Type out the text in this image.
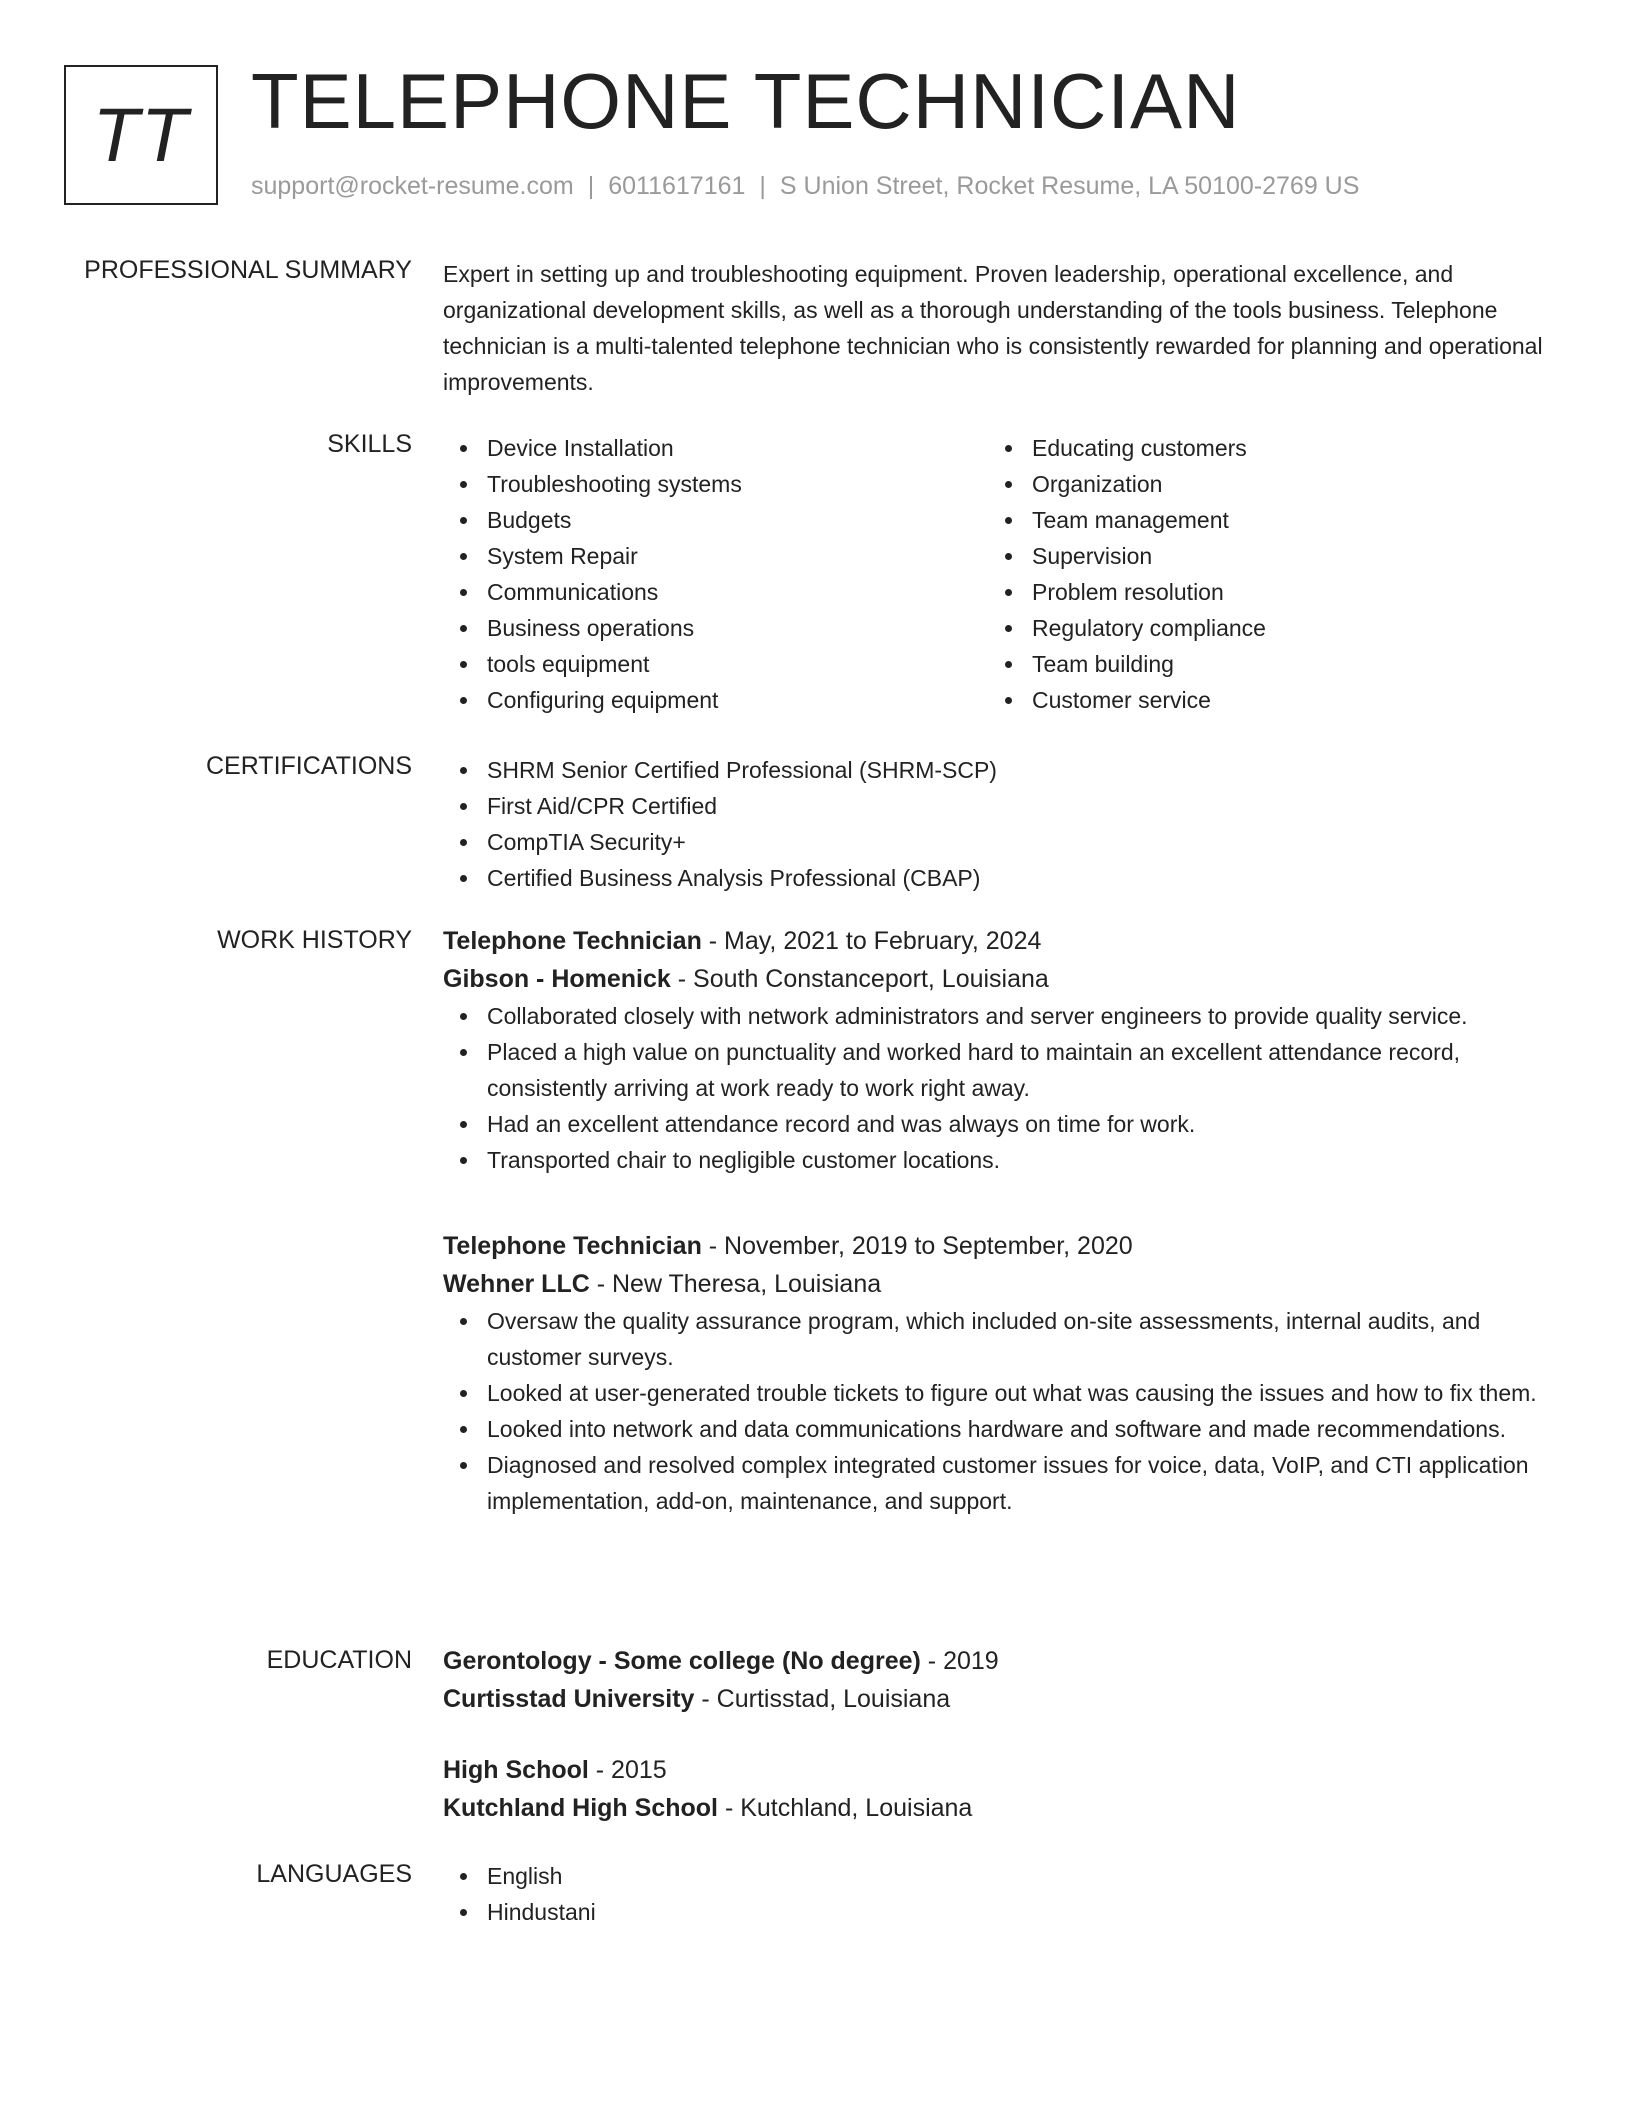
TT TELEPHONE TECHNICIAN
support@rocket-resume.com | 6011617161 | S Union Street, Rocket Resume, LA 50100-2769 US
PROFESSIONAL SUMMARY Expert in setting up and troubleshooting equipment. Proven leadership, operational excellence, and organizational development skills, as well as a thorough understanding of the tools business. Telephone technician is a multi-talented telephone technician who is consistently rewarded for planning and operational improvements.
SKILLS	Device Installation
Troubleshooting systems
Budgets
System Repair
Communications
Business operations
tools equipment
Configuring equipment
Educating customers
Organization
Team management
Supervision
Problem resolution
Regulatory compliance
Team building
Customer service
CERTIFICATIONS	SHRM Senior Certified Professional (SHRM-SCP)
First Aid/CPR Certified
CompTIA Security+
Certified Business Analysis Professional (CBAP)
WORK HISTORY Telephone Technician - May, 2021 to February, 2024
Gibson - Homenick - South Constanceport, Louisiana
Collaborated closely with network administrators and server engineers to provide quality service.
Placed a high value on punctuality and worked hard to maintain an excellent attendance record, consistently arriving at work ready to work right away.
Had an excellent attendance record and was always on time for work.
Transported chair to negligible customer locations.
Telephone Technician - November, 2019 to September, 2020
Wehner LLC - New Theresa, Louisiana
Oversaw the quality assurance program, which included on-site assessments, internal audits, and customer surveys.
Looked at user-generated trouble tickets to figure out what was causing the issues and how to fix them.
Looked into network and data communications hardware and software and made recommendations.
Diagnosed and resolved complex integrated customer issues for voice, data, VoIP, and CTI application implementation, add-on, maintenance, and support.
EDUCATION Gerontology - Some college (No degree) - 2019
Curtisstad University - Curtisstad, Louisiana
High School - 2015
Kutchland High School - Kutchland, Louisiana
LANGUAGES	English
Hindustani
